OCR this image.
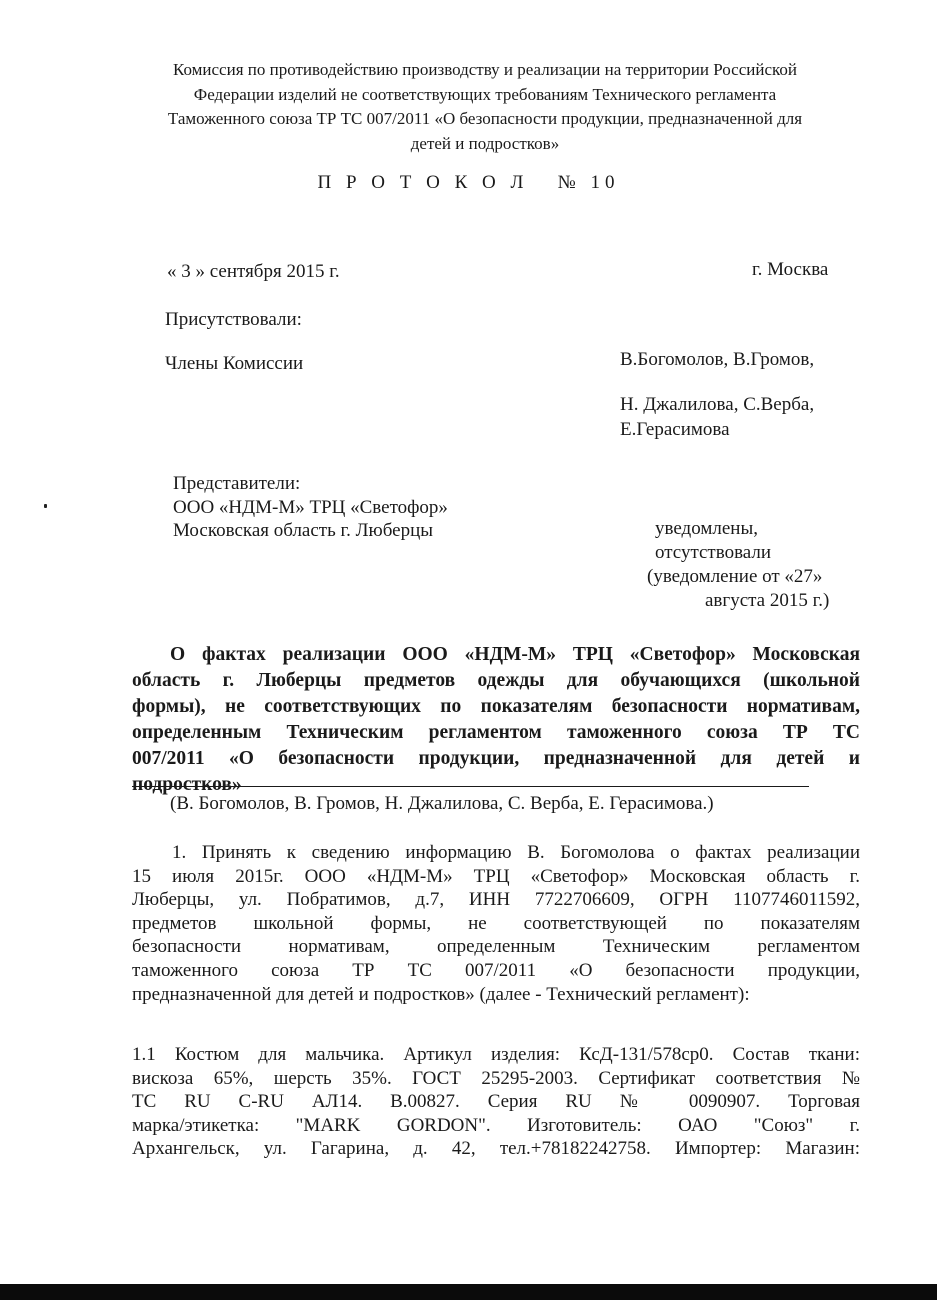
Комиссия по противодействию производству и реализации на территории Российской
Федерации изделий не соответствующих требованиям Технического регламента
Таможенного союза ТР ТС 007/2011 «О безопасности продукции, предназначенной для
детей и подростков»
П Р О Т О К О Л   № 10
« 3 » сентября 2015 г.	г. Москва
Присутствовали:
Члены Комиссии	В.Богомолов, В.Громов,
Н. Джалилова, С.Верба,
Е.Герасимова
Представители:
ООО «НДМ-М» ТРЦ «Светофор»
Московская область г. Люберцы	уведомлены,
отсутствовали
(уведомление от «27»
августа 2015 г.)
О фактах реализации ООО «НДМ-М» ТРЦ «Светофор» Московская
область г. Люберцы предметов одежды для обучающихся (школьной
формы), не соответствующих по показателям безопасности нормативам,
определенным Техническим регламентом таможенного союза ТР ТС
007/2011 «О безопасности продукции, предназначенной для детей и
подростков»
(В. Богомолов, В. Громов, Н. Джалилова, С. Верба, Е. Герасимова.)
1. Принять к сведению информацию В. Богомолова о фактах реализации
15 июля 2015г. ООО «НДМ-М» ТРЦ «Светофор» Московская область г.
Люберцы, ул. Побратимов, д.7, ИНН 7722706609, ОГРН 1107746011592,
предметов школьной формы, не соответствующей по показателям
безопасности нормативам, определенным Техническим регламентом
таможенного союза ТР ТС 007/2011 «О безопасности продукции,
предназначенной для детей и подростков» (далее - Технический регламент):
1.1 Костюм для мальчика. Артикул изделия: КсД-131/578ср0. Состав ткани:
вискоза 65%, шерсть 35%. ГОСТ 25295-2003. Сертификат соответствия №
ТС RU C-RU АЛ14. В.00827. Серия RU № 0090907. Торговая
марка/этикетка: "MARK GORDON". Изготовитель: ОАО "Союз" г.
Архангельск, ул. Гагарина, д. 42, тел.+78182242758. Импортер: Магазин:
